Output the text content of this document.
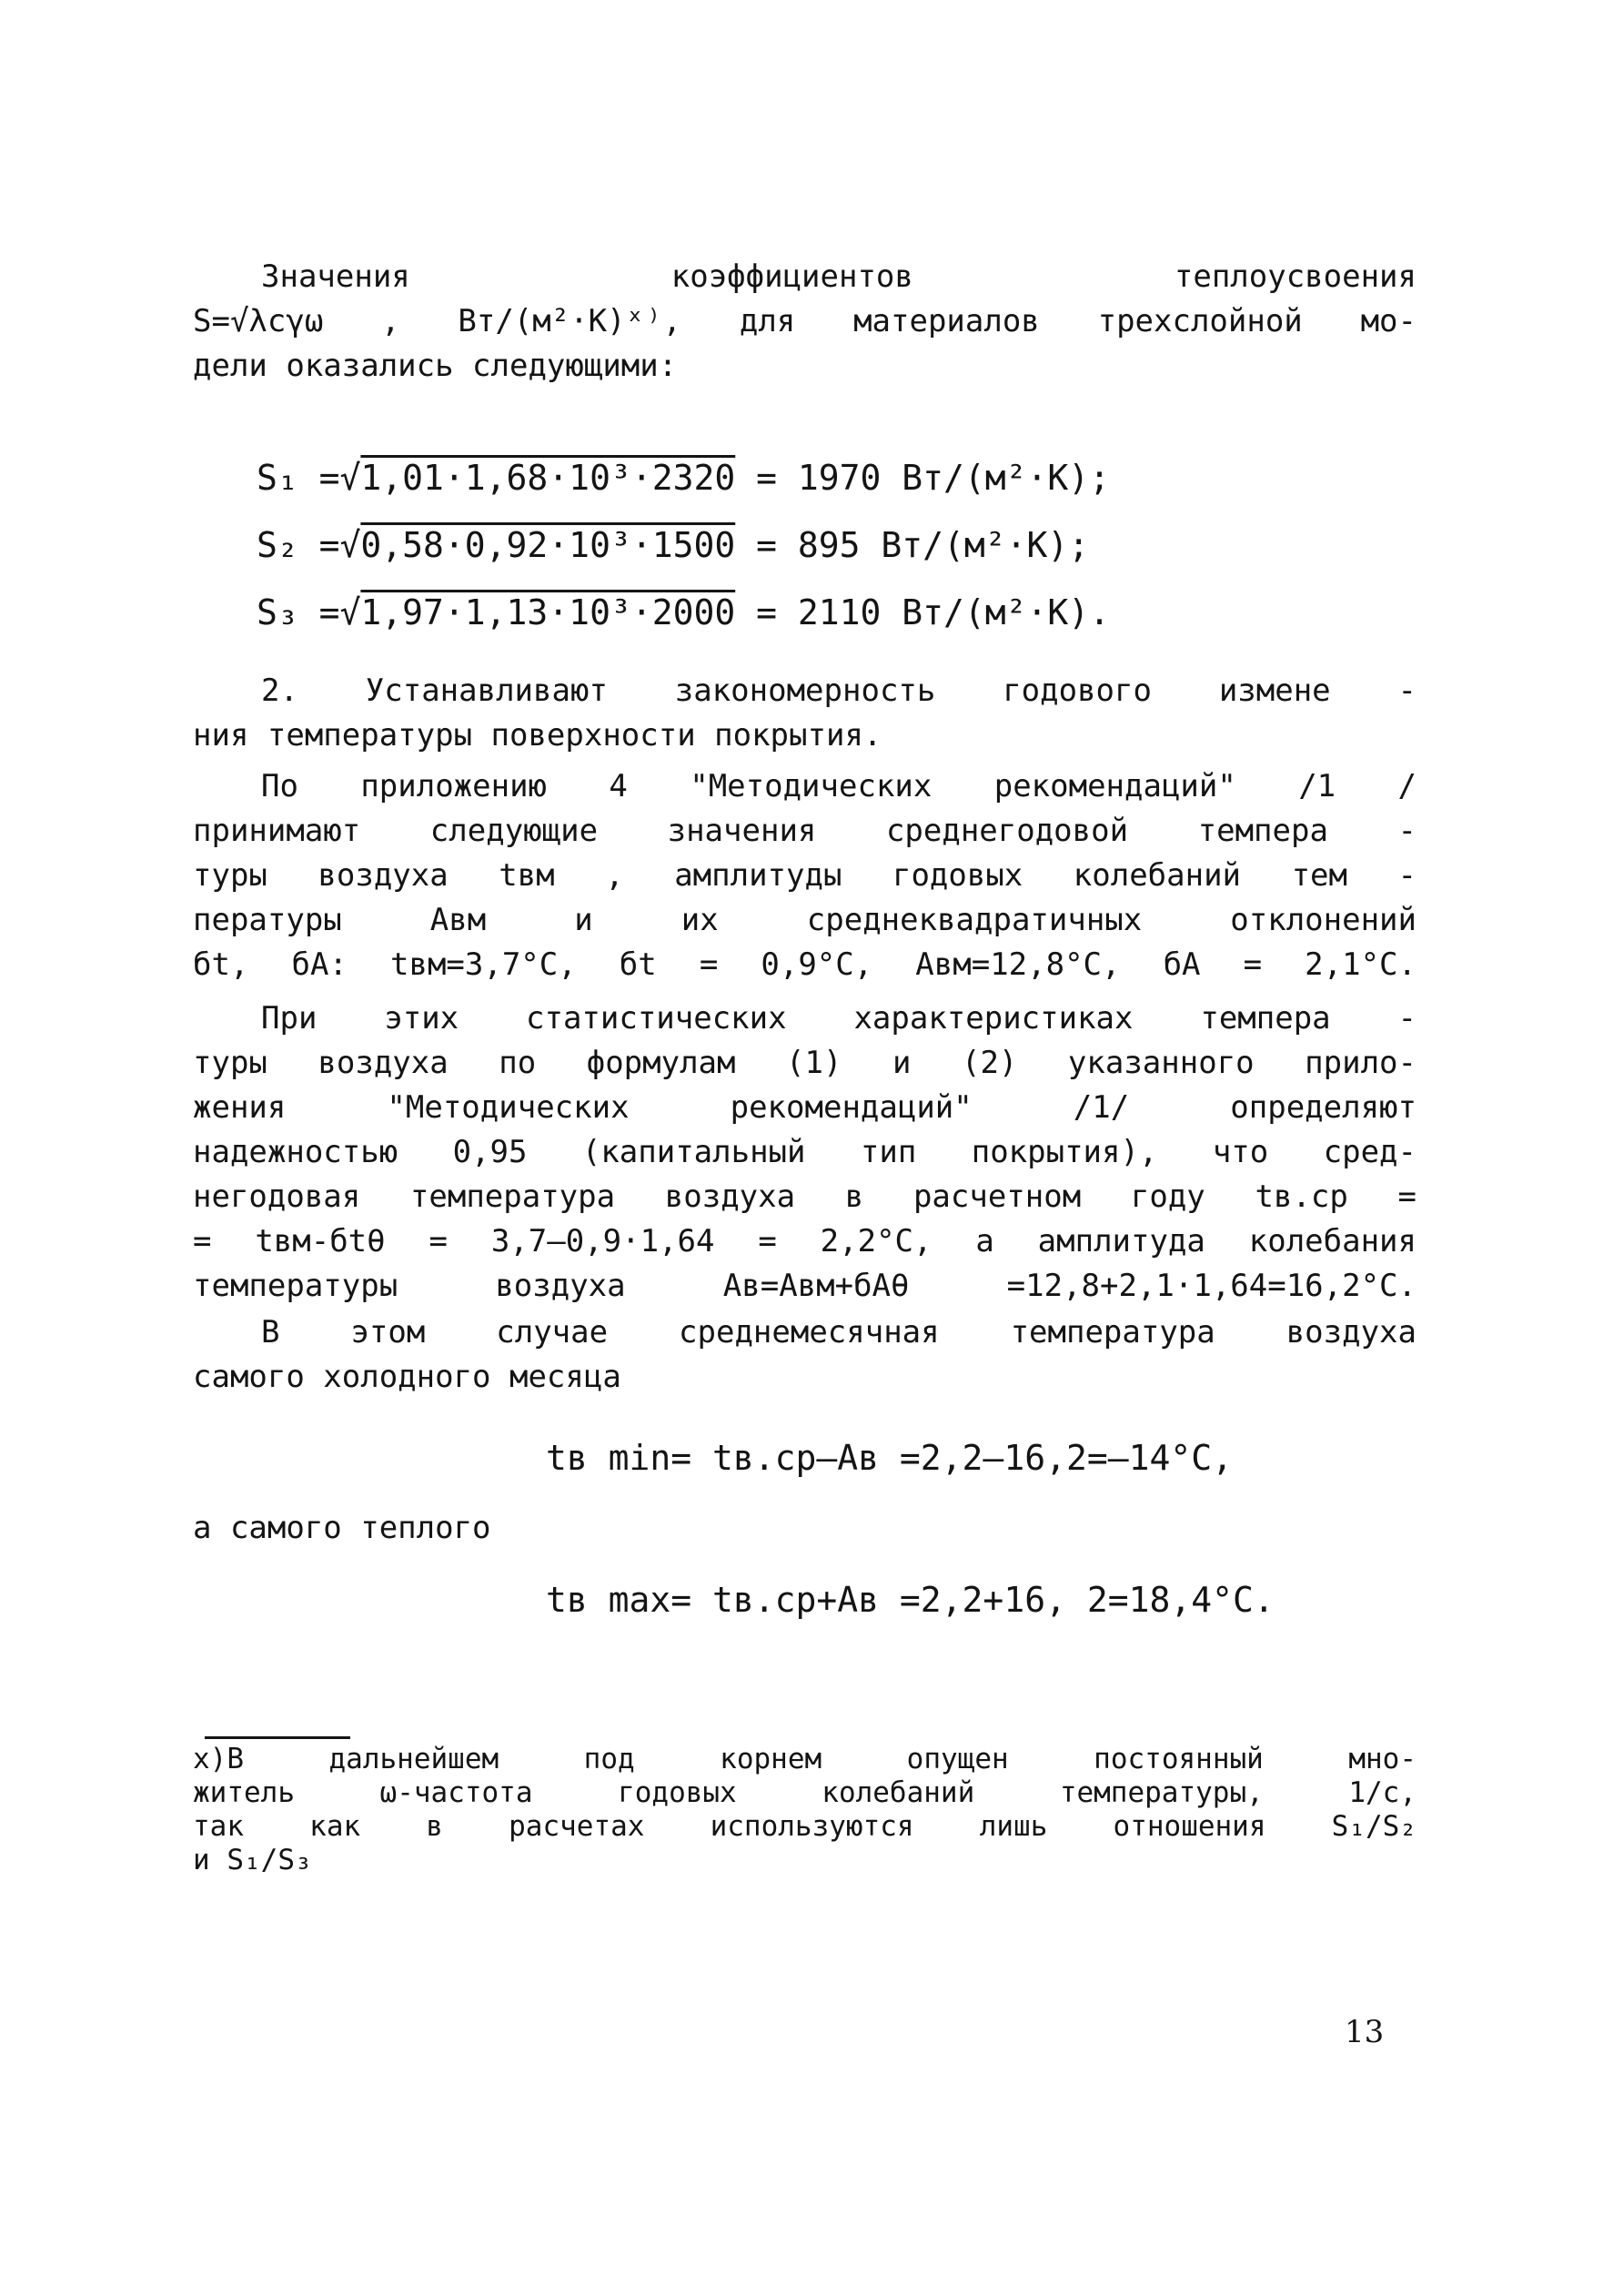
Значения коэффициентов теплоусвоения
S=√λcγω , Вт/(м²·К)ˣ⁾, для материалов трехслойной мо-
дели оказались следующими:
S₁ =√1,01·1,68·10³·2320 = 1970 Вт/(м²·К);
S₂ =√0,58·0,92·10³·1500 = 895 Вт/(м²·К);
S₃ =√1,97·1,13·10³·2000 = 2110 Вт/(м²·К).
2. Устанавливают закономерность годового измене -
ния температуры поверхности покрытия.
По приложению 4 "Методических рекомендаций" /1 /
принимают следующие значения среднегодовой темпера -
туры воздуха tвм , амплитуды годовых колебаний тем -
пературы Aвм и их среднеквадратичных отклонений
бt, бA: tвм=3,7°C, бt = 0,9°C, Aвм=12,8°C, бA = 2,1°C.
При этих статистических характеристиках темпера -
туры воздуха по формулам (1) и (2) указанного прило-
жения "Методических рекомендаций" /1/ определяют
надежностью 0,95 (капитальный тип покрытия), что сред-
негодовая температура воздуха в расчетном году tв.ср =
= tвм-бtθ = 3,7–0,9·1,64 = 2,2°C, а амплитуда колебания
температуры воздуха Aв=Aвм+бAθ =12,8+2,1·1,64=16,2°C.
В этом случае среднемесячная температура воздуха
самого холодного месяца
tв min= tв.ср–Aв =2,2–16,2=–14°C,
а самого теплого
tв max= tв.ср+Aв =2,2+16, 2=18,4°C.
x)В дальнейшем под корнем опущен постоянный мно-
житель ω-частота годовых колебаний температуры, 1/с,
так как в расчетах используются лишь отношения S₁/S₂
и S₁/S₃
13
